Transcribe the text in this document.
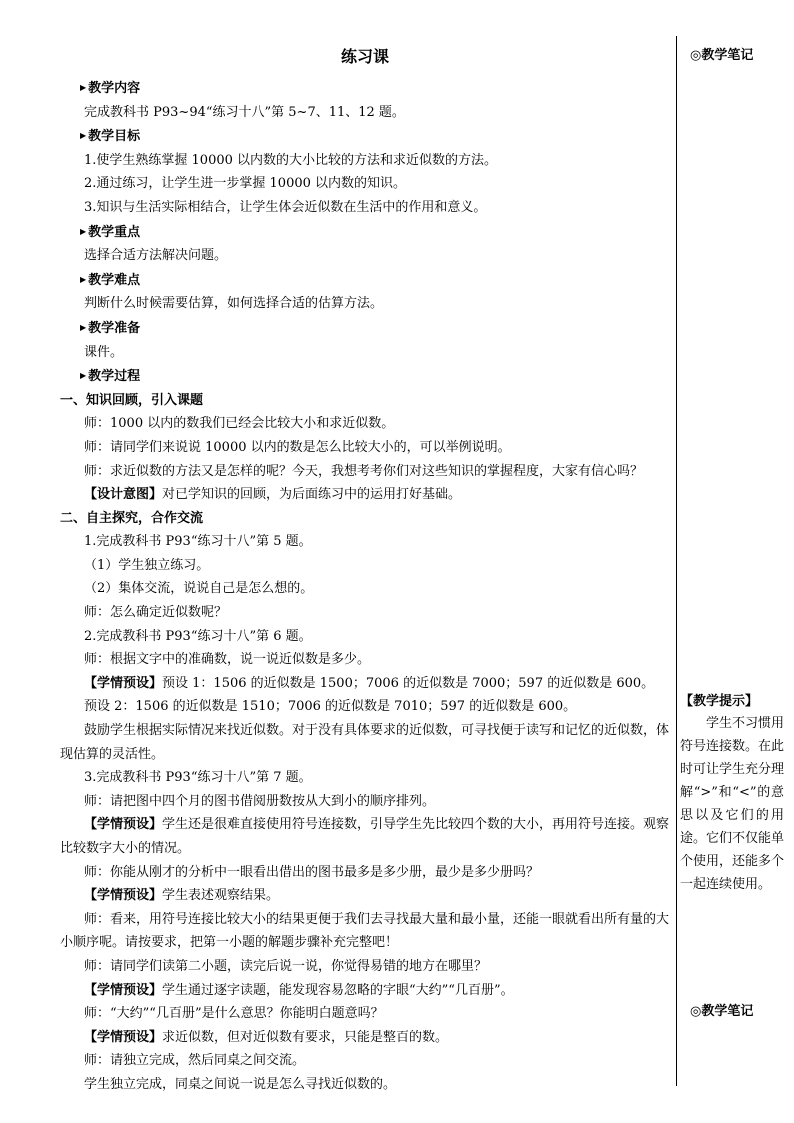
◎教学笔记
【教学提示】
学生不习惯用符号连接数。在此时可让学生充分理解“>”和“<”的意思以及它们的用途。它们不仅能单个使用，还能多个一起连续使用。
◎教学笔记
练习课
▶ 教学内容
完成教科书 P93~94“练习十八”第 5~7、11、12 题。
▶ 教学目标
1.使学生熟练掌握 10000 以内数的大小比较的方法和求近似数的方法。
2.通过练习，让学生进一步掌握 10000 以内数的知识。
3.知识与生活实际相结合，让学生体会近似数在生活中的作用和意义。
▶ 教学重点
选择合适方法解决问题。
▶ 教学难点
判断什么时候需要估算，如何选择合适的估算方法。
▶ 教学准备
课件。
▶ 教学过程
一、知识回顾，引入课题
师：1000 以内的数我们已经会比较大小和求近似数。
师：请同学们来说说 10000 以内的数是怎么比较大小的，可以举例说明。
师：求近似数的方法又是怎样的呢？今天，我想考考你们对这些知识的掌握程度，大家有信心吗？
【设计意图】对已学知识的回顾，为后面练习中的运用打好基础。
二、自主探究，合作交流
1.完成教科书 P93“练习十八”第 5 题。
（1）学生独立练习。
（2）集体交流，说说自己是怎么想的。
师：怎么确定近似数呢？
2.完成教科书 P93“练习十八”第 6 题。
师：根据文字中的准确数，说一说近似数是多少。
【学情预设】预设 1：1506 的近似数是 1500；7006 的近似数是 7000；597 的近似数是 600。
预设 2：1506 的近似数是 1510；7006 的近似数是 7010；597 的近似数是 600。
鼓励学生根据实际情况来找近似数。对于没有具体要求的近似数，可寻找便于读写和记忆的近似数，体现估算的灵活性。
3.完成教科书 P93“练习十八”第 7 题。
师：请把图中四个月的图书借阅册数按从大到小的顺序排列。
【学情预设】学生还是很难直接使用符号连接数，引导学生先比较四个数的大小，再用符号连接。观察比较数字大小的情况。
师：你能从刚才的分析中一眼看出借出的图书最多是多少册，最少是多少册吗？
【学情预设】学生表述观察结果。
师：看来，用符号连接比较大小的结果更便于我们去寻找最大量和最小量，还能一眼就看出所有量的大小顺序呢。请按要求，把第一小题的解题步骤补充完整吧！
师：请同学们读第二小题，读完后说一说，你觉得易错的地方在哪里？
【学情预设】学生通过逐字读题，能发现容易忽略的字眼“大约”“几百册”。
师：“大约”“几百册”是什么意思？你能明白题意吗？
【学情预设】求近似数，但对近似数有要求，只能是整百的数。
师：请独立完成，然后同桌之间交流。
学生独立完成，同桌之间说一说是怎么寻找近似数的。
